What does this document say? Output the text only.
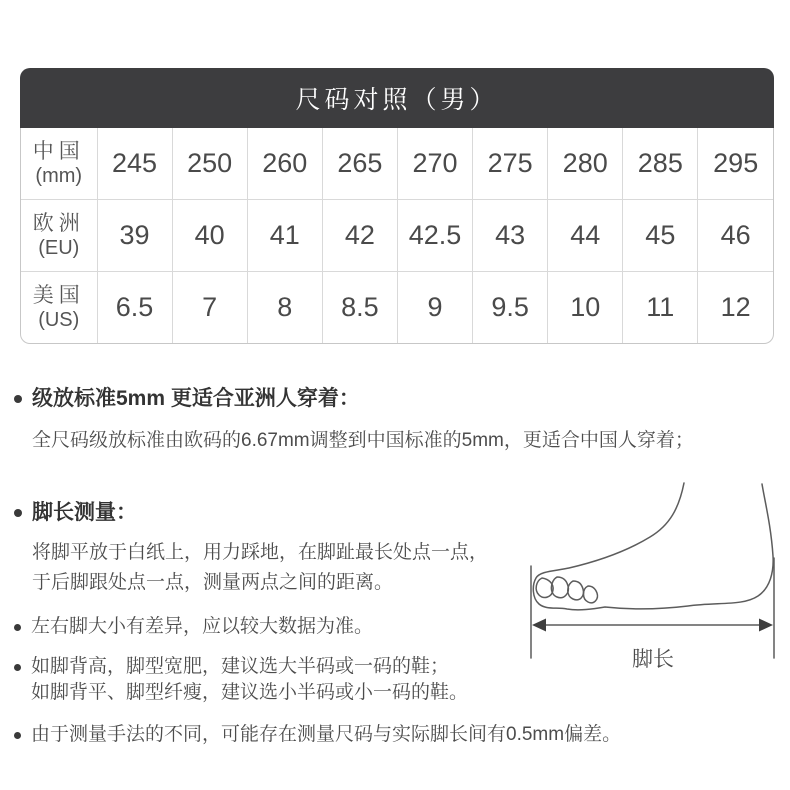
尺码对照（男）
中国
(mm)	245	250	260	265	270	275	280	285	295

欧洲
(EU)	39	40	41	42	42.5	43	44	45	46

美国
(US)	6.5	7	8	8.5	9	9.5	10	11	12
级放标准5mm 更适合亚洲人穿着：

全尺码级放标准由欧码的6.67mm调整到中国标准的5mm，更适合中国人穿着；

脚长测量：

将脚平放于白纸上，用力踩地，在脚趾最长处点一点，

于后脚跟处点一点，测量两点之间的距离。

左右脚大小有差异，应以较大数据为准。

如脚背高，脚型宽肥，建议选大半码或一码的鞋；

如脚背平、脚型纤瘦，建议选小半码或小一码的鞋。

由于测量手法的不同，可能存在测量尺码与实际脚长间有0.5mm偏差。

脚长
